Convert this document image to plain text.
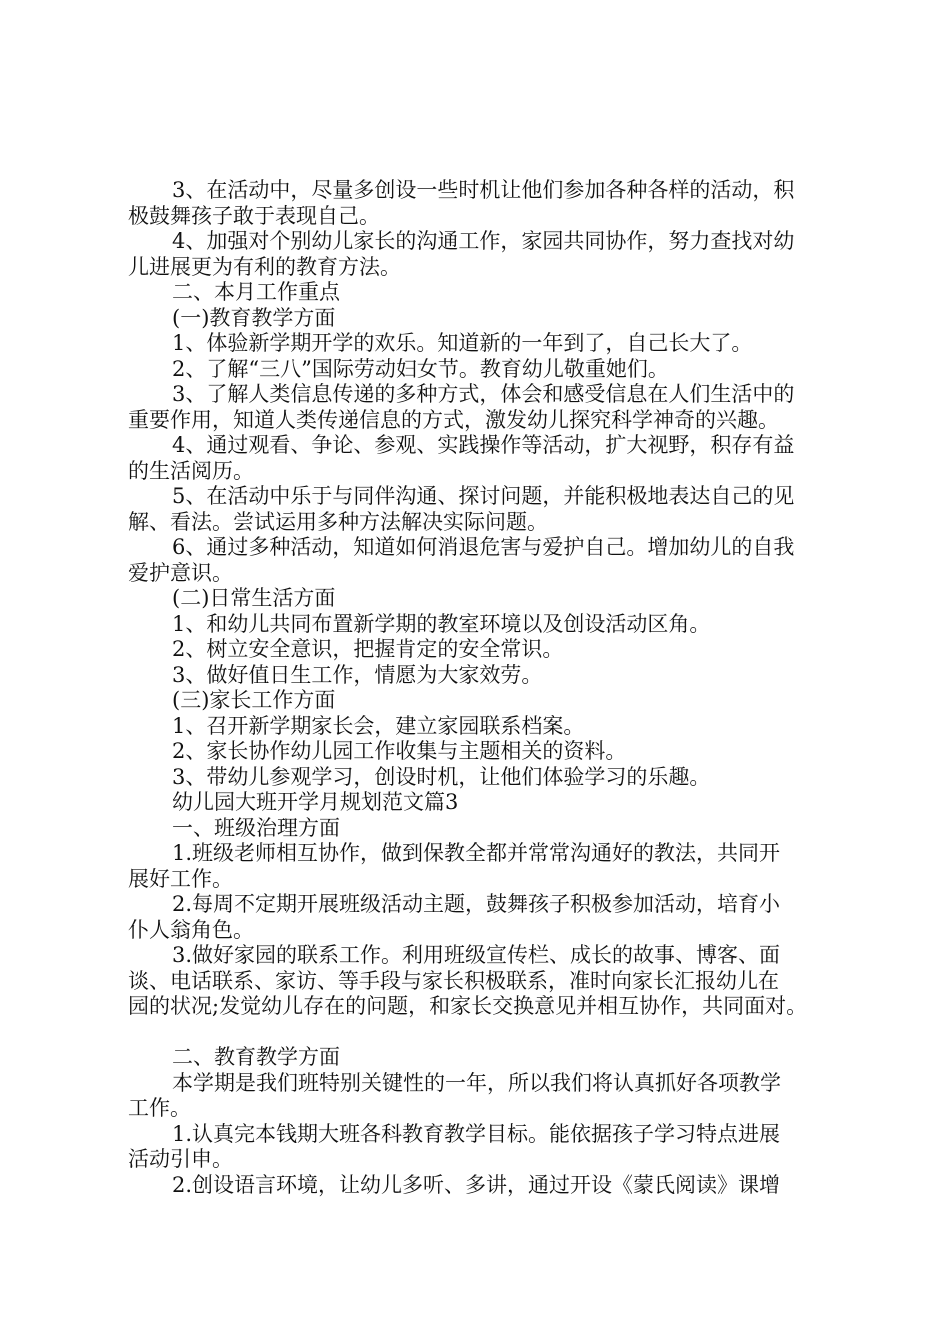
3、在活动中，尽量多创设一些时机让他们参加各种各样的活动，积
极鼓舞孩子敢于表现自己。
4、加强对个别幼儿家长的沟通工作，家园共同协作，努力查找对幼
儿进展更为有利的教育方法。
二、本月工作重点
(一)教育教学方面
1、体验新学期开学的欢乐。知道新的一年到了，自己长大了。
2、了解“三八”国际劳动妇女节。教育幼儿敬重她们。
3、了解人类信息传递的多种方式，体会和感受信息在人们生活中的
重要作用，知道人类传递信息的方式，激发幼儿探究科学神奇的兴趣。
4、通过观看、争论、参观、实践操作等活动，扩大视野，积存有益
的生活阅历。
5、在活动中乐于与同伴沟通、探讨问题，并能积极地表达自己的见
解、看法。尝试运用多种方法解决实际问题。
6、通过多种活动，知道如何消退危害与爱护自己。增加幼儿的自我
爱护意识。
(二)日常生活方面
1、和幼儿共同布置新学期的教室环境以及创设活动区角。
2、树立安全意识，把握肯定的安全常识。
3、做好值日生工作，情愿为大家效劳。
(三)家长工作方面
1、召开新学期家长会，建立家园联系档案。
2、家长协作幼儿园工作收集与主题相关的资料。
3、带幼儿参观学习，创设时机，让他们体验学习的乐趣。
幼儿园大班开学月规划范文篇3
一、班级治理方面
1.班级老师相互协作，做到保教全都并常常沟通好的教法，共同开
展好工作。
2.每周不定期开展班级活动主题，鼓舞孩子积极参加活动，培育小
仆人翁角色。
3.做好家园的联系工作。利用班级宣传栏、成长的故事、博客、面
谈、电话联系、家访、等手段与家长积极联系，准时向家长汇报幼儿在
园的状况;发觉幼儿存在的问题，和家长交换意见并相互协作，共同面对。
二、教育教学方面
本学期是我们班特别关键性的一年，所以我们将认真抓好各项教学
工作。
1.认真完本钱期大班各科教育教学目标。能依据孩子学习特点进展
活动引申。
2.创设语言环境，让幼儿多听、多讲，通过开设《蒙氏阅读》课增
